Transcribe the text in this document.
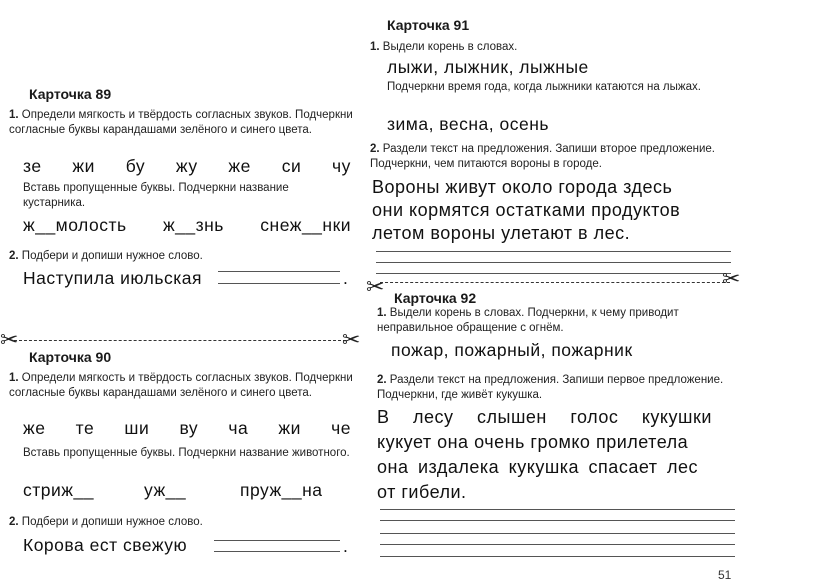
Карточка 89
1. Определи мягкость и твёрдость согласных звуков. Подчеркни согласные буквы карандашами зелёного и синего цвета.
зе жи бу жу же си чу
Вставь пропущенные буквы. Подчеркни название кустарника.
ж__молость ж__знь снеж__нки
2. Подбери и допиши нужное слово.
Наступила июльская	.
✂	✂
Карточка 90
1. Определи мягкость и твёрдость согласных звуков. Подчеркни согласные буквы карандашами зелёного и синего цвета.
же те ши ву ча жи че
Вставь пропущенные буквы. Подчеркни название животного.
стриж__	уж__	пруж__на
2. Подбери и допиши нужное слово.
Корова ест свежую	.
Карточка 91
1. Выдели корень в словах.
лыжи, лыжник, лыжные
Подчеркни время года, когда лыжники катаются на лыжах.
зима, весна, осень
2. Раздели текст на предложения. Запиши второе предложение. Подчеркни, чем питаются вороны в городе.
Вороны живут около города здесь
они кормятся остатками продуктов
летом вороны улетают в лес.
✂	✂
Карточка 92
1. Выдели корень в словах. Подчеркни, к чему приводит неправильное обращение с огнём.
пожар, пожарный, пожарник
2. Раздели текст на предложения. Запиши первое предложение. Подчеркни, где живёт кукушка.
В лесу слышен голос кукушки
кукует она очень громко прилетела
она издалека кукушка спасает лес
от гибели.
51
